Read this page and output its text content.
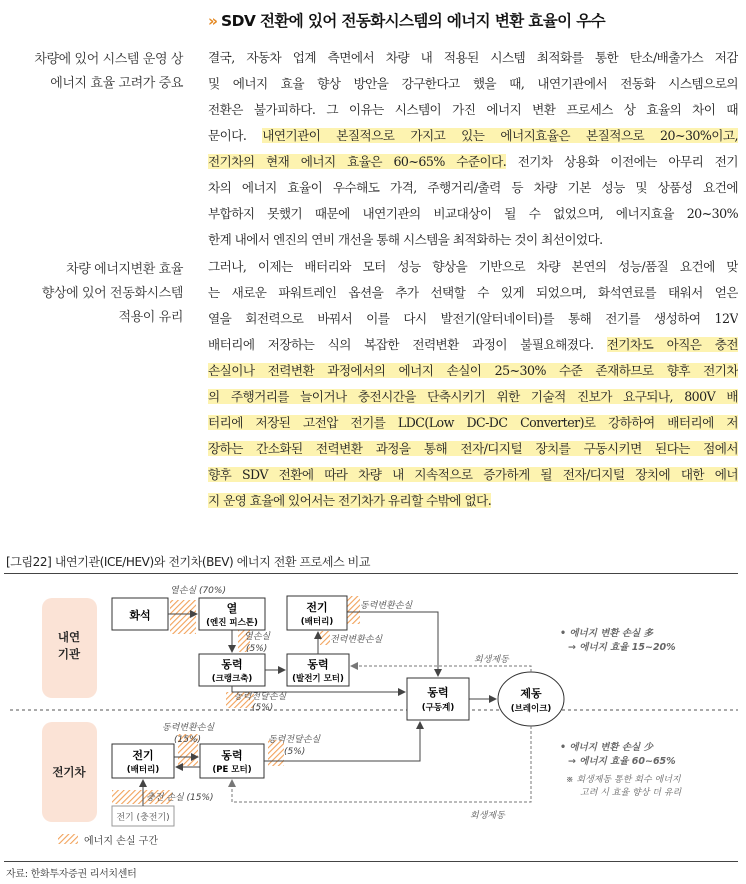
» SDV 전환에 있어 전동화시스템의 에너지 변환 효율이 우수
차량에 있어 시스템 운영 상
에너지 효율 고려가 중요
결국, 자동차 업계 측면에서 차량 내 적용된 시스템 최적화를 통한 탄소/배출가스 저감
및 에너지 효율 향상 방안을 강구한다고 했을 때, 내연기관에서 전동화 시스템으로의
전환은 불가피하다. 그 이유는 시스템이 가진 에너지 변환 프로세스 상 효율의 차이 때
문이다. 내연기관이 본질적으로 가지고 있는 에너지효율은 본질적으로 20~30%이고,
전기차의 현재 에너지 효율은 60~65% 수준이다. 전기차 상용화 이전에는 아무리 전기
차의 에너지 효율이 우수해도 가격, 주행거리/출력 등 차량 기본 성능 및 상품성 요건에
부합하지 못했기 때문에 내연기관의 비교대상이 될 수 없었으며, 에너지효율 20~30%
한계 내에서 엔진의 연비 개선을 통해 시스템을 최적화하는 것이 최선이었다.
차량 에너지변환 효율
향상에 있어 전동화시스템
적용이 유리
그러나, 이제는 배터리와 모터 성능 향상을 기반으로 차량 본연의 성능/품질 요건에 맞
는 새로운 파워트레인 옵션을 추가 선택할 수 있게 되었으며, 화석연료를 태워서 얻은
열을 회전력으로 바꿔서 이를 다시 발전기(알터네이터)를 통해 전기를 생성하여 12V
배터리에 저장하는 식의 복잡한 전력변환 과정이 불필요해졌다. 전기차도 아직은 충전
손실이나 전력변환 과정에서의 에너지 손실이 25~30% 수준 존재하므로 향후 전기차
의 주행거리를 늘이거나 충전시간을 단축시키기 위한 기술적 진보가 요구되나, 800V 배
터리에 저장된 고전압 전기를 LDC(Low DC-DC Converter)로 강하하여 배터리에 저
장하는 간소화된 전력변환 과정을 통해 전자/디지털 장치를 구동시키면 된다는 점에서
향후 SDV 전환에 따라 차량 내 지속적으로 증가하게 될 전자/디지털 장치에 대한 에너
지 운영 효율에 있어서는 전기차가 유리할 수밖에 없다.
[그림22] 내연기관(ICE/HEV)와 전기차(BEV) 에너지 전환 프로세스 비교
내연
기관
전기차
화석
열
(엔진 피스톤)
전기
(배터리)
동력
(크랭크축)
동력
(발전기 모터)
동력
(구동계)
제동
(브레이크)
전기
(배터리)
동력
(PE 모터)
전기 (충전기)
열손실 (70%)
열손실
(5%)
동력변환손실
전력변환손실
동력전달손실
(5%)
회생제동
동력변환손실
(15%)	동력전달손실
(5%)
충전 손실 (15%)
회생제동
• 에너지 변환 손실 多
→ 에너지 효율 15~20%
• 에너지 변환 손실 少
→ 에너지 효율 60~65%
※ 회생제동 통한 회수 에너지
고려 시 효율 향상 더 유리
에너지 손실 구간
자료: 한화투자증권 리서치센터
